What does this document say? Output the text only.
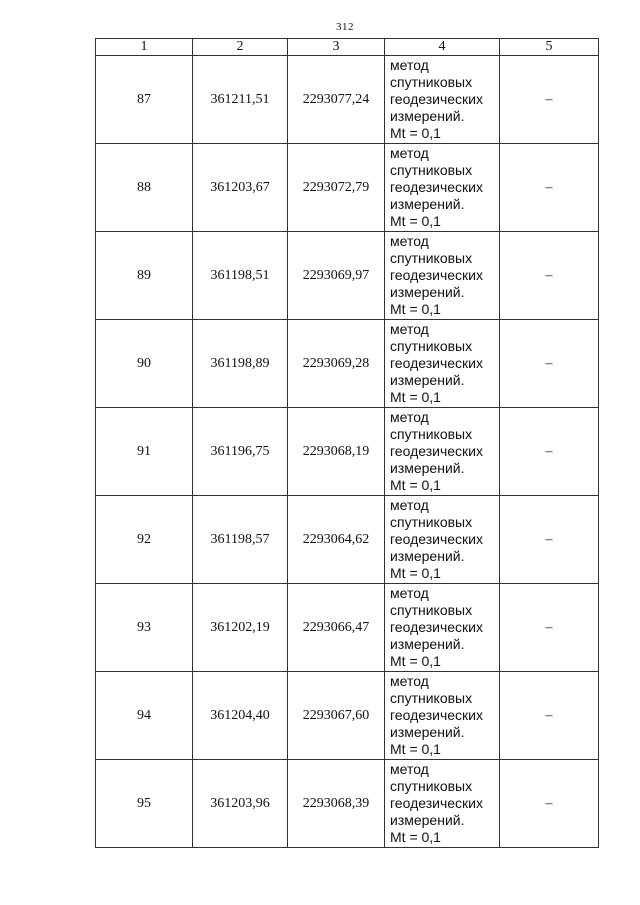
312
1	2	3	4	5
87	361211,51	2293077,24	метод
спутниковых
геодезических
измерений.
Mt = 0,1	–
88	361203,67	2293072,79	метод
спутниковых
геодезических
измерений.
Mt = 0,1	–
89	361198,51	2293069,97	метод
спутниковых
геодезических
измерений.
Mt = 0,1	–
90	361198,89	2293069,28	метод
спутниковых
геодезических
измерений.
Mt = 0,1	–
91	361196,75	2293068,19	метод
спутниковых
геодезических
измерений.
Mt = 0,1	–
92	361198,57	2293064,62	метод
спутниковых
геодезических
измерений.
Mt = 0,1	–
93	361202,19	2293066,47	метод
спутниковых
геодезических
измерений.
Mt = 0,1	–
94	361204,40	2293067,60	метод
спутниковых
геодезических
измерений.
Mt = 0,1	–
95	361203,96	2293068,39	метод
спутниковых
геодезических
измерений.
Mt = 0,1	–
